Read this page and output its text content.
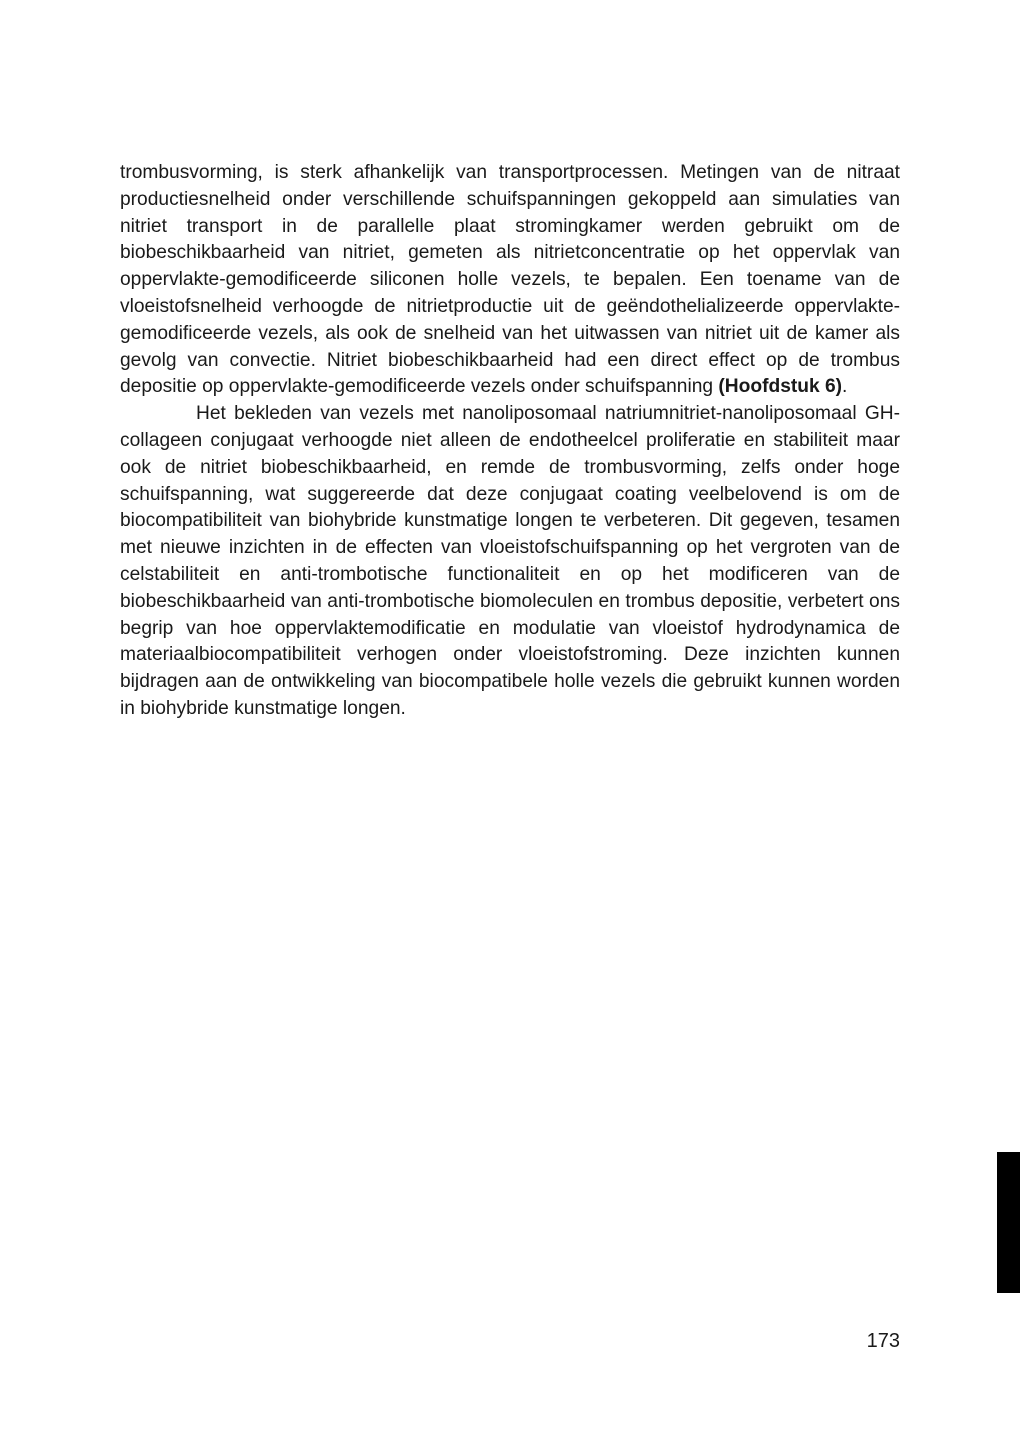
trombusvorming, is sterk afhankelijk van transportprocessen. Metingen van de nitraat productiesnelheid onder verschillende schuifspanningen gekoppeld aan simulaties van nitriet transport in de parallelle plaat stromingkamer werden gebruikt om de biobeschikbaarheid van nitriet, gemeten als nitrietconcentratie op het oppervlak van oppervlakte-gemodificeerde siliconen holle vezels, te bepalen. Een toename van de vloeistofsnelheid verhoogde de nitrietproductie uit de geëndothelializeerde oppervlakte-gemodificeerde vezels, als ook de snelheid van het uitwassen van nitriet uit de kamer als gevolg van convectie. Nitriet biobeschikbaarheid had een direct effect op de trombus depositie op oppervlakte-gemodificeerde vezels onder schuifspanning (Hoofdstuk 6).

Het bekleden van vezels met nanoliposomaal natriumnitriet-nanoliposomaal GH-collageen conjugaat verhoogde niet alleen de endotheelcel proliferatie en stabiliteit maar ook de nitriet biobeschikbaarheid, en remde de trombusvorming, zelfs onder hoge schuifspanning, wat suggereerde dat deze conjugaat coating veelbelovend is om de biocompatibiliteit van biohybride kunstmatige longen te verbeteren. Dit gegeven, tesamen met nieuwe inzichten in de effecten van vloeistofschuifspanning op het vergroten van de celstabiliteit en anti-trombotische functionaliteit en op het modificeren van de biobeschikbaarheid van anti-trombotische biomoleculen en trombus depositie, verbetert ons begrip van hoe oppervlaktemodificatie en modulatie van vloeistof hydrodynamica de materiaalbiocompatibiliteit verhogen onder vloeistofstroming. Deze inzichten kunnen bijdragen aan de ontwikkeling van biocompatibele holle vezels die gebruikt kunnen worden in biohybride kunstmatige longen.

173
